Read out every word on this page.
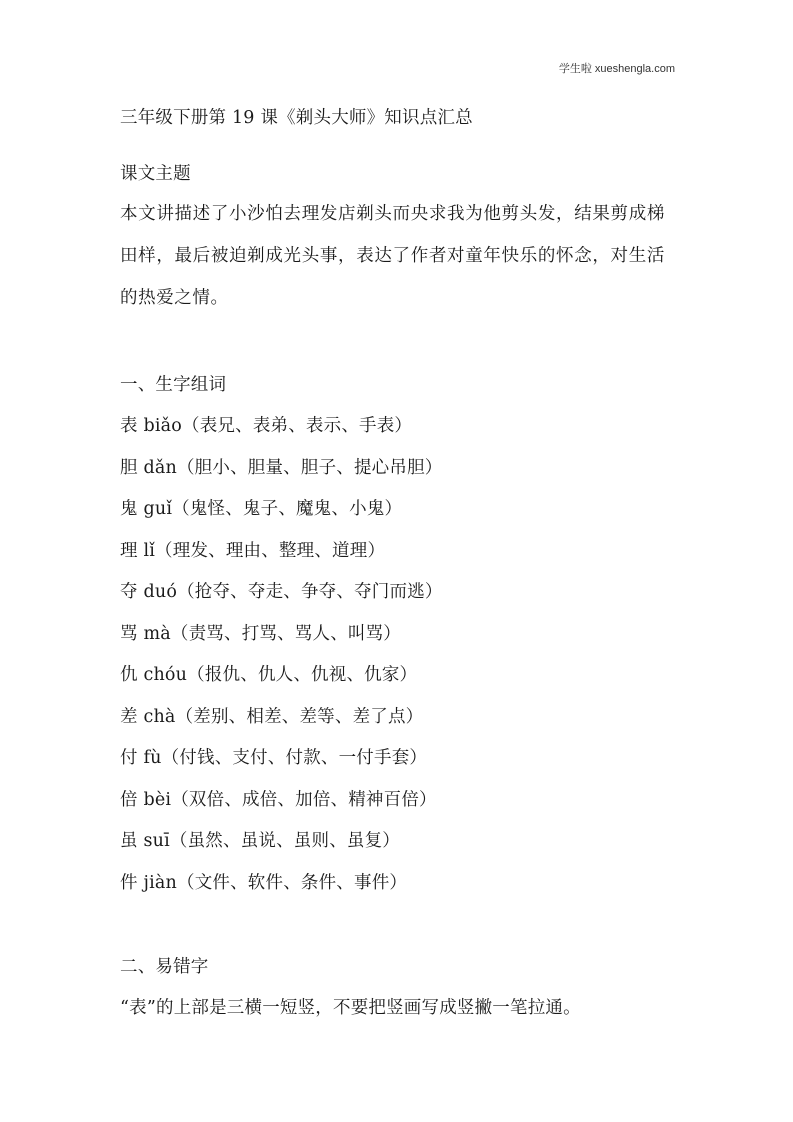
学生啦 xueshengla.com
三年级下册第 19 课《剃头大师》知识点汇总
课文主题
本文讲描述了小沙怕去理发店剃头而央求我为他剪头发，结果剪成梯田样，最后被迫剃成光头事，表达了作者对童年快乐的怀念，对生活的热爱之情。
一、生字组词
表 biǎo（表兄、表弟、表示、手表）
胆 dǎn（胆小、胆量、胆子、提心吊胆）
鬼 guǐ（鬼怪、鬼子、魔鬼、小鬼）
理 lǐ（理发、理由、整理、道理）
夺 duó（抢夺、夺走、争夺、夺门而逃）
骂 mà（责骂、打骂、骂人、叫骂）
仇 chóu（报仇、仇人、仇视、仇家）
差 chà（差别、相差、差等、差了点）
付 fù（付钱、支付、付款、一付手套）
倍 bèi（双倍、成倍、加倍、精神百倍）
虽 suī（虽然、虽说、虽则、虽复）
件 jiàn（文件、软件、条件、事件）
二、易错字
“表”的上部是三横一短竖，不要把竖画写成竖撇一笔拉通。
